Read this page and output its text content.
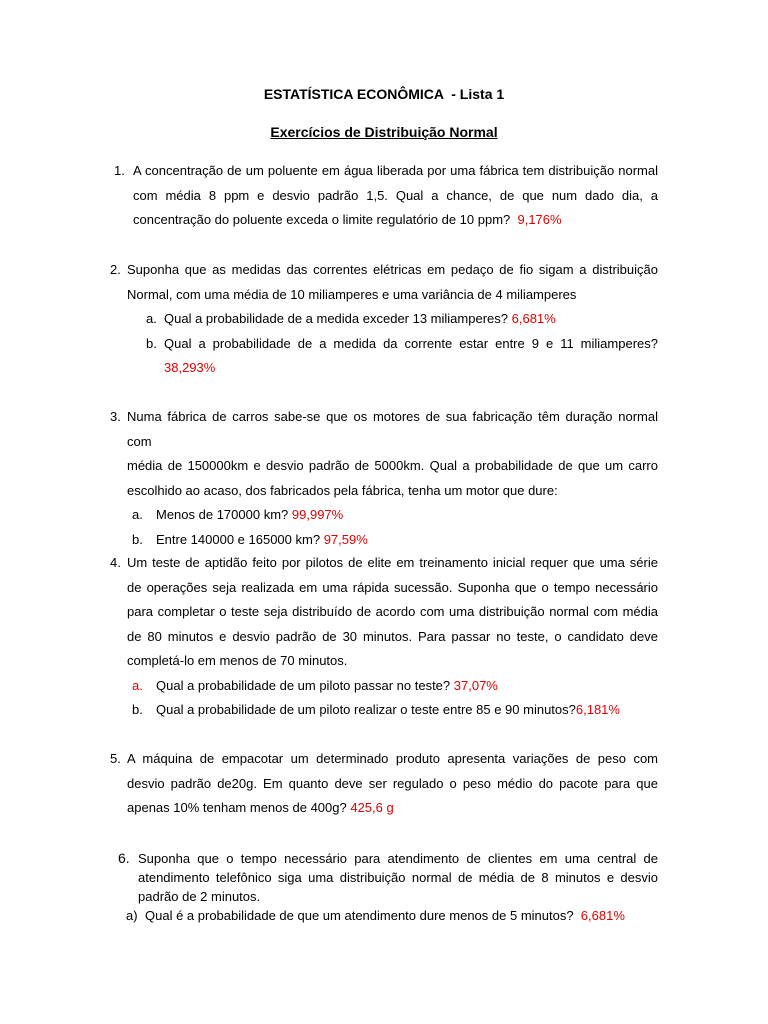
ESTATÍSTICA ECONÔMICA  - Lista 1
Exercícios de Distribuição Normal
1. A concentração de um poluente em água liberada por uma fábrica tem distribuição normal
com média 8 ppm e desvio padrão 1,5. Qual a chance, de que num dado dia, a
concentração do poluente exceda o limite regulatório de 10 ppm? 9,176%
2. Suponha que as medidas das correntes elétricas em pedaço de fio sigam a distribuição
Normal, com uma média de 10 miliamperes e uma variância de 4 miliamperes
a. Qual a probabilidade de a medida exceder 13 miliamperes? 6,681%
b. Qual a probabilidade de a medida da corrente estar entre 9 e 11 miliamperes? 38,293%
3. Numa fábrica de carros sabe-se que os motores de sua fabricação têm duração normal com
média de 150000km e desvio padrão de 5000km. Qual a probabilidade de que um carro
escolhido ao acaso, dos fabricados pela fábrica, tenha um motor que dure:
a. Menos de 170000 km? 99,997%
b. Entre 140000 e 165000 km? 97,59%
4. Um teste de aptidão feito por pilotos de elite em treinamento inicial requer que uma série
de operações seja realizada em uma rápida sucessão. Suponha que o tempo necessário
para completar o teste seja distribuído de acordo com uma distribuição normal com média
de 80 minutos e desvio padrão de 30 minutos. Para passar no teste, o candidato deve
completá-lo em menos de 70 minutos.
a. Qual a probabilidade de um piloto passar no teste? 37,07%
b. Qual a probabilidade de um piloto realizar o teste entre 85 e 90 minutos?6,181%
5. A máquina de empacotar um determinado produto apresenta variações de peso com
desvio padrão de20g. Em quanto deve ser regulado o peso médio do pacote para que
apenas 10% tenham menos de 400g? 425,6 g
6. Suponha que o tempo necessário para atendimento de clientes em uma central de
atendimento telefônico siga uma distribuição normal de média de 8 minutos e desvio
padrão de 2 minutos.
a) Qual é a probabilidade de que um atendimento dure menos de 5 minutos? 6,681%
